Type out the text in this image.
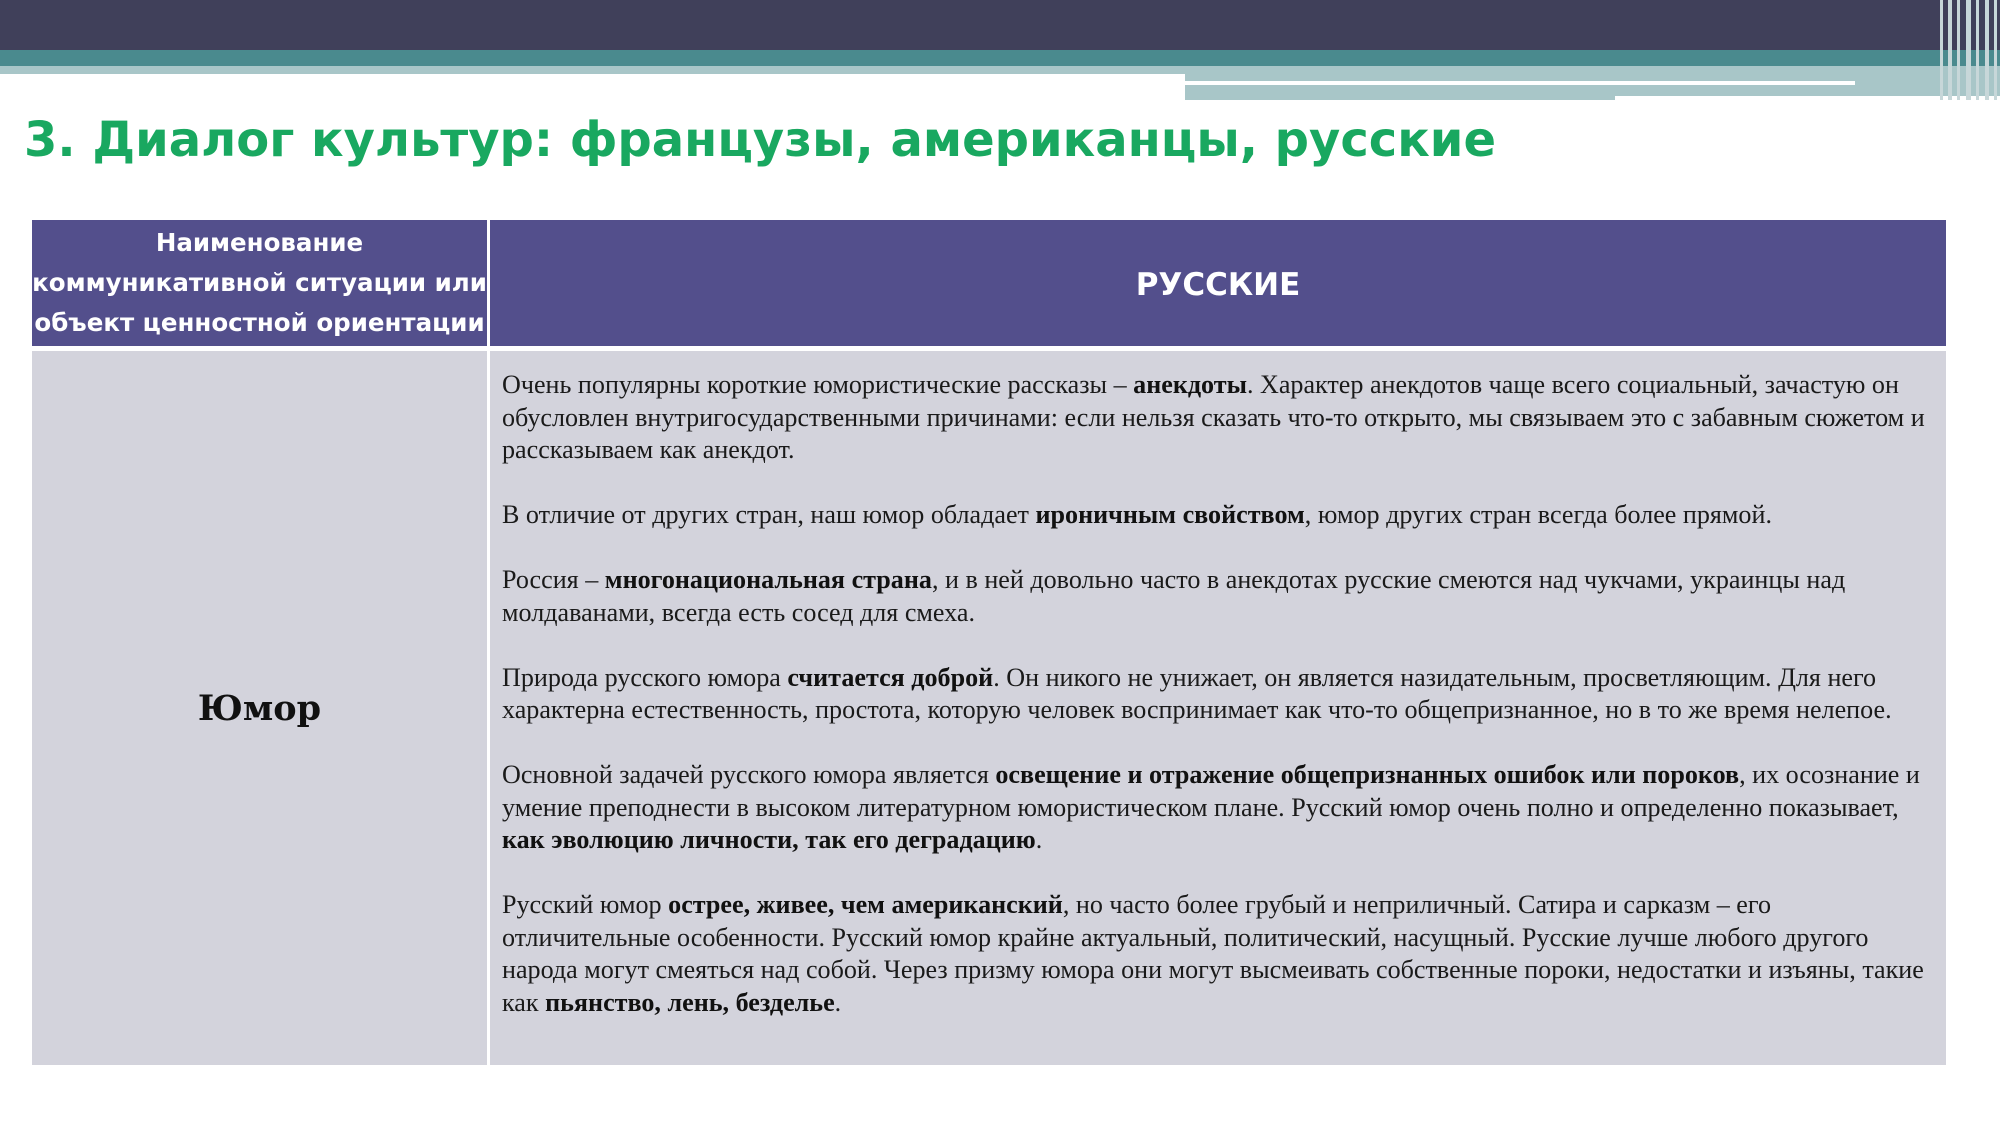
3. Диалог культур: французы, американцы, русские
Наименование коммуникативной ситуации или объект ценностной ориентации
РУССКИЕ
Юмор

Очень популярны короткие юмористические рассказы – анекдоты. Характер анекдотов чаще всего социальный, зачастую он обусловлен внутригосударственными причинами: если нельзя сказать что-то открыто, мы связываем это с забавным сюжетом и рассказываем как анекдот.

В отличие от других стран, наш юмор обладает ироничным свойством, юмор других стран всегда более прямой.

Россия – многонациональная страна, и в ней довольно часто в анекдотах русские смеются над чукчами, украинцы над молдаванами, всегда есть сосед для смеха.

Природа русского юмора считается доброй. Он никого не унижает, он является назидательным, просветляющим. Для него характерна естественность, простота, которую человек воспринимает как что-то общепризнанное, но в то же время нелепое.

Основной задачей русского юмора является освещение и отражение общепризнанных ошибок или пороков, их осознание и умение преподнести в высоком литературном юмористическом плане. Русский юмор очень полно и определенно показывает, как эволюцию личности, так его деградацию.

Русский юмор острее, живее, чем американский, но часто более грубый и неприличный. Сатира и сарказм – его отличительные особенности. Русский юмор крайне актуальный, политический, насущный. Русские лучше любого другого народа могут смеяться над собой. Через призму юмора они могут высмеивать собственные пороки, недостатки и изъяны, такие как пьянство, лень, безделье.
